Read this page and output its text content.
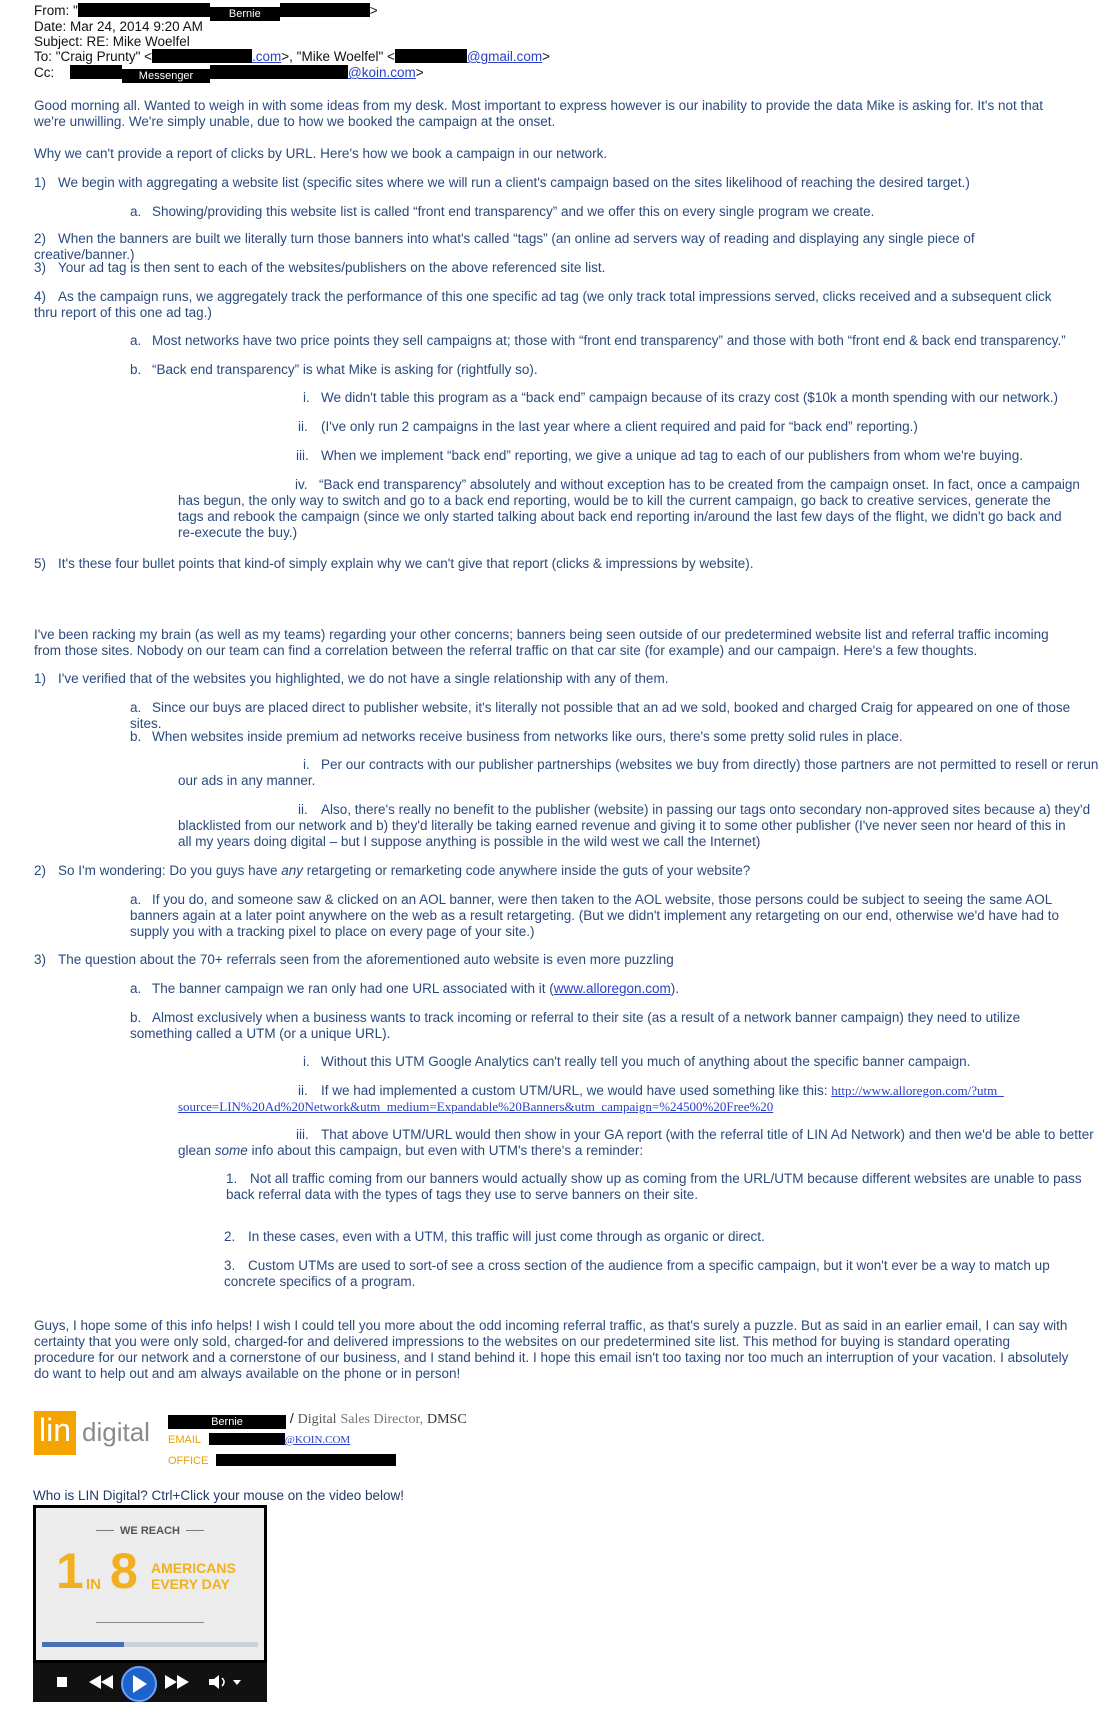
From: "	Bernie	>
Date: Mar 24, 2014 9:20 AM
Subject: RE: Mike Woelfel
To: "Craig Prunty" <	.com>, "Mike Woelfel" <	@gmail.com>
Cc:	Messenger	@koin.com>
Good morning all. Wanted to weigh in with some ideas from my desk. Most important to express however is our inability to provide the data Mike is asking for. It's not that we're unwilling. We're simply unable, due to how we booked the campaign at the onset.
Why we can't provide a report of clicks by URL. Here's how we book a campaign in our network.
1) We begin with aggregating a website list (specific sites where we will run a client's campaign based on the sites likelihood of reaching the desired target.)
a. Showing/providing this website list is called “front end transparency” and we offer this on every single program we create.
2) When the banners are built we literally turn those banners into what's called “tags” (an online ad servers way of reading and displaying any single piece of creative/banner.)
3) Your ad tag is then sent to each of the websites/publishers on the above referenced site list.
4) As the campaign runs, we aggregately track the performance of this one specific ad tag (we only track total impressions served, clicks received and a subsequent click thru report of this one ad tag.)
a. Most networks have two price points they sell campaigns at; those with “front end transparency” and those with both “front end & back end transparency.”
b. “Back end transparency” is what Mike is asking for (rightfully so).
i. We didn't table this program as a “back end” campaign because of its crazy cost ($10k a month spending with our network.)
ii. (I've only run 2 campaigns in the last year where a client required and paid for “back end” reporting.)
iii. When we implement “back end” reporting, we give a unique ad tag to each of our publishers from whom we're buying.
iv. “Back end transparency” absolutely and without exception has to be created from the campaign onset. In fact, once a campaign
has begun, the only way to switch and go to a back end reporting, would be to kill the current campaign, go back to creative services, generate the tags and rebook the campaign (since we only started talking about back end reporting in/around the last few days of the flight, we didn't go back and re-execute the buy.)
5) It's these four bullet points that kind-of simply explain why we can't give that report (clicks & impressions by website).
I've been racking my brain (as well as my teams) regarding your other concerns; banners being seen outside of our predetermined website list and referral traffic incoming from those sites. Nobody on our team can find a correlation between the referral traffic on that car site (for example) and our campaign. Here's a few thoughts.
1) I've verified that of the websites you highlighted, we do not have a single relationship with any of them.
a. Since our buys are placed direct to publisher website, it's literally not possible that an ad we sold, booked and charged Craig for appeared on one of those sites.
b. When websites inside premium ad networks receive business from networks like ours, there's some pretty solid rules in place.
i. Per our contracts with our publisher partnerships (websites we buy from directly) those partners are not permitted to resell or rerun
our ads in any manner.
ii. Also, there's really no benefit to the publisher (website) in passing our tags onto secondary non-approved sites because a) they'd
blacklisted from our network and b) they'd literally be taking earned revenue and giving it to some other publisher (I've never seen nor heard of this in all my years doing digital – but I suppose anything is possible in the wild west we call the Internet)
2) So I'm wondering: Do you guys have any retargeting or remarketing code anywhere inside the guts of your website?
a. If you do, and someone saw & clicked on an AOL banner, were then taken to the AOL website, those persons could be subject to seeing the same AOL banners again at a later point anywhere on the web as a result retargeting. (But we didn't implement any retargeting on our end, otherwise we'd have had to supply you with a tracking pixel to place on every page of your site.)
3) The question about the 70+ referrals seen from the aforementioned auto website is even more puzzling
a. The banner campaign we ran only had one URL associated with it (www.alloregon.com).
b. Almost exclusively when a business wants to track incoming or referral to their site (as a result of a network banner campaign) they need to utilize something called a UTM (or a unique URL).
i. Without this UTM Google Analytics can't really tell you much of anything about the specific banner campaign.
ii. If we had implemented a custom UTM/URL, we would have used something like this: http://www.alloregon.com/?utm_
source=LIN%20Ad%20Network&utm_medium=Expandable%20Banners&utm_campaign=%24500%20Free%20
iii. That above UTM/URL would then show in your GA report (with the referral title of LIN Ad Network) and then we'd be able to better
glean some info about this campaign, but even with UTM's there's a reminder:
1. Not all traffic coming from our banners would actually show up as coming from the URL/UTM because different websites are unable to pass back referral data with the types of tags they use to serve banners on their site.
2. In these cases, even with a UTM, this traffic will just come through as organic or direct.
3. Custom UTMs are used to sort-of see a cross section of the audience from a specific campaign, but it won't ever be a way to match up concrete specifics of a program.
Guys, I hope some of this info helps! I wish I could tell you more about the odd incoming referral traffic, as that's surely a puzzle. But as said in an earlier email, I can say with certainty that you were only sold, charged-for and delivered impressions to the websites on our predetermined site list. This method for buying is standard operating procedure for our network and a cornerstone of our business, and I stand behind it. I hope this email isn't too taxing nor too much an interruption of your vacation. I absolutely do want to help out and am always available on the phone or in person!
lin digital	Bernie	/ Digital Sales Director, DMSC
EMAIL	@KOIN.COM
OFFICE
Who is LIN Digital? Ctrl+Click your mouse on the video below!
WE REACH
1 IN 8 AMERICANS
EVERY DAY
